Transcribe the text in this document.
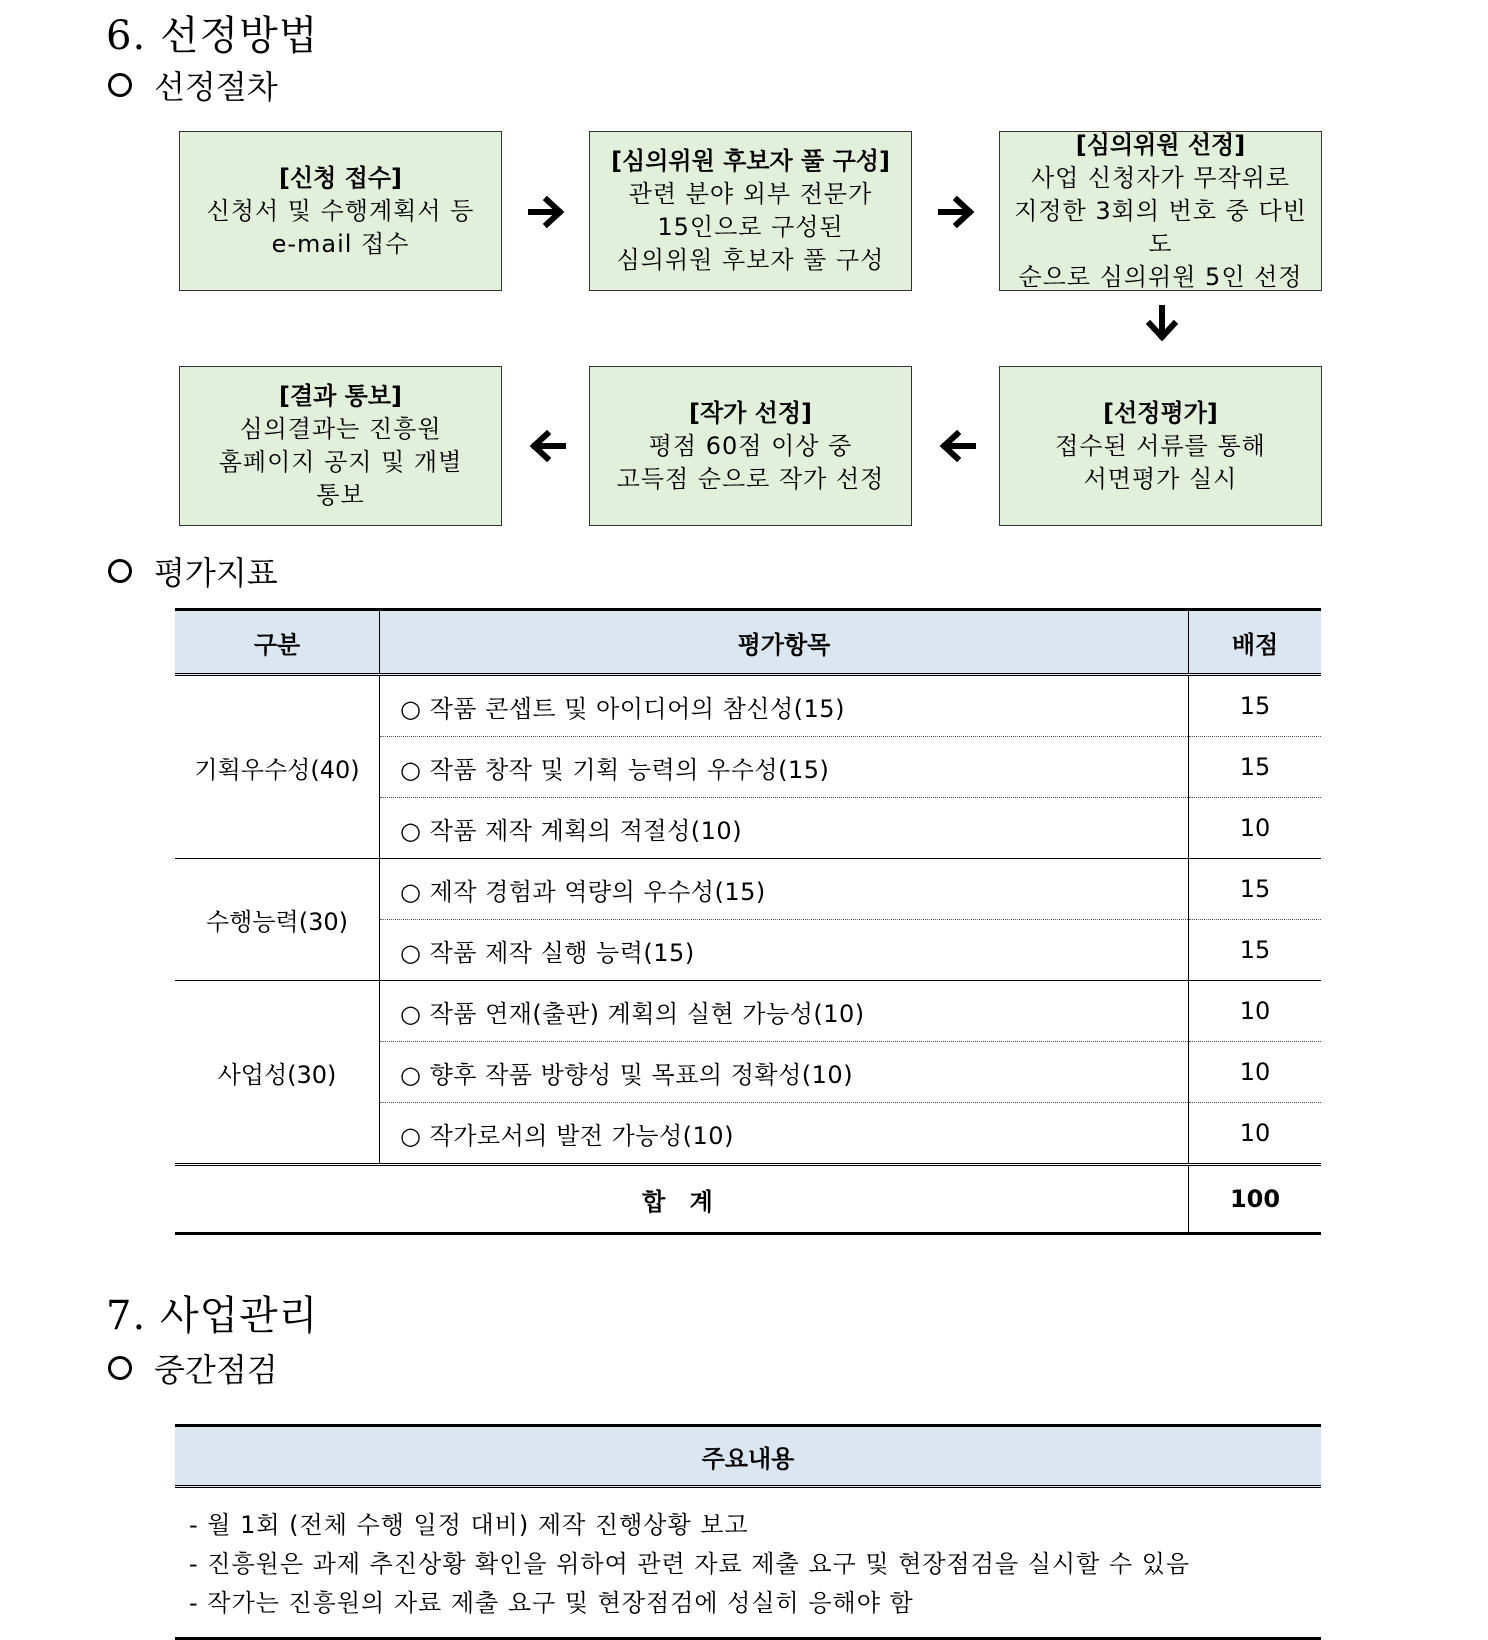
6. 선정방법
선정절차
[신청 접수]
신청서 및 수행계획서 등
e-mail 접수
[심의위원 후보자 풀 구성]
관련 분야 외부 전문가
15인으로 구성된
심의위원 후보자 풀 구성
[심의위원 선정]
사업 신청자가 무작위로
지정한 3회의 번호 중 다빈도
순으로 심의위원 5인 선정
[선정평가]
접수된 서류를 통해
서면평가 실시
[작가 선정]
평점 60점 이상 중
고득점 순으로 작가 선정
[결과 통보]
심의결과는 진흥원
홈페이지 공지 및 개별
통보
평가지표
구분	평가항목	배점
기획우수성(40)	○ 작품 콘셉트 및 아이디어의 참신성(15)	15
	○ 작품 창작 및 기획 능력의 우수성(15)	15
	○ 작품 제작 계획의 적절성(10)	10
수행능력(30)	○ 제작 경험과 역량의 우수성(15)	15
	○ 작품 제작 실행 능력(15)	15
사업성(30)	○ 작품 연재(출판) 계획의 실현 가능성(10)	10
	○ 향후 작품 방향성 및 목표의 정확성(10)	10
	○ 작가로서의 발전 가능성(10)	10
합 계		100
7. 사업관리
중간점검
주요내용
- 월 1회 (전체 수행 일정 대비) 제작 진행상황 보고
- 진흥원은 과제 추진상황 확인을 위하여 관련 자료 제출 요구 및 현장점검을 실시할 수 있음
- 작가는 진흥원의 자료 제출 요구 및 현장점검에 성실히 응해야 함
